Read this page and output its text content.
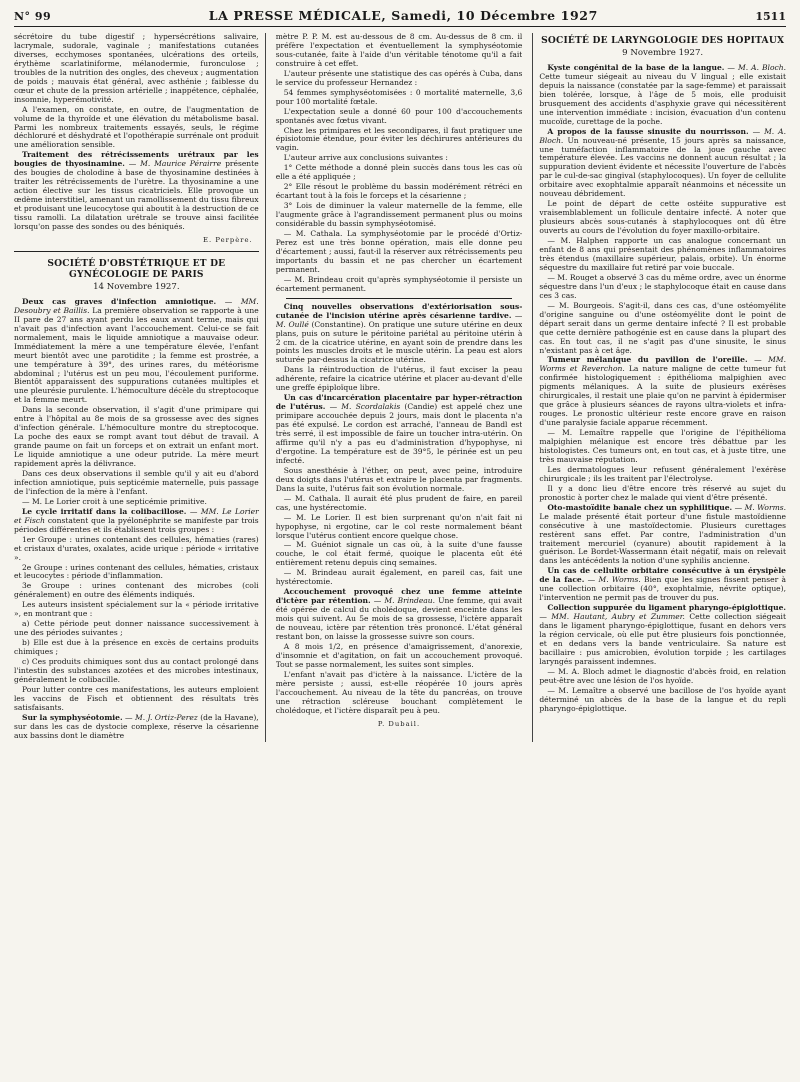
N° 99	LA PRESSE MÉDICALE, Samedi, 10 Décembre 1927	1511

sécrétoire du tube digestif ; hypersécrétions salivaire, lacrymale, sudorale, vaginale ; manifestations cutanées diverses, ecchymoses spontanées, ulcérations des orteils, érythème scarlatiniforme, mélanodermie, furonculose ; troubles de la nutrition des ongles, des cheveux ; augmentation de poids ; mauvais état général, avec asthénie ; faiblesse du cœur et chute de la pression artérielle ; inappétence, céphalée, insomnie, hyperémotivité.

A l'examen, on constate, en outre, de l'augmentation de volume de la thyroïde et une élévation du métabolisme basal. Parmi les nombreux traitements essayés, seuls, le régime déchloruré et déshydraté et l'opothérapie surrénale ont produit une amélioration sensible.

Traitement des rétrécissements urétraux par les bougies de thyosinamine. — M. Maurice Pérairre présente des bougies de cholodine à base de thyosinamine destinées à traiter les rétrécissements de l'urètre. La thyosinamine a une action élective sur les tissus cicatriciels. Elle provoque un œdème interstitiel, amenant un ramollissement du tissu fibreux et produisant une leucocytose qui aboutit à la destruction de ce tissu ramolli. La dilatation urétrale se trouve ainsi facilitée lorsqu'on passe des sondes ou des béniqués.

E. Perpère.

SOCIÉTÉ D'OBSTÉTRIQUE ET DE GYNÉCOLOGIE DE PARIS
14 Novembre 1927.

Deux cas graves d'infection amniotique. — MM. Desoubry et Baillis. La première observation se rapporte à une II pare de 27 ans ayant perdu les eaux avant terme, mais qui n'avait pas d'infection avant l'accouchement. Celui-ce se fait normalement, mais le liquide amniotique a mauvaise odeur. Immédiatement la mère a une température élevée, l'enfant meurt bientôt avec une parotidite ; la femme est prostrée, a une température à 39°, des urines rares, du météorisme abdominal ; l'utérus est un peu mou, l'écoulement puriforme. Bientôt apparaissent des suppurations cutanées multiples et une pleurésie purulente. L'hémoculture décèle du streptocoque et la femme meurt.

Dans la seconde observation, il s'agit d'une primipare qui entre à l'hôpital au 8e mois de sa grossesse avec des signes d'infection générale. L'hémoculture montre du streptocoque. La poche des eaux se rompt avant tout début de travail. A grande paume on fait un forceps et on extrait un enfant mort. Le liquide amniotique a une odeur putride. La mère meurt rapidement après la délivrance.

Dans ces deux observations il semble qu'il y ait eu d'abord infection amniotique, puis septicémie maternelle, puis passage de l'infection de la mère à l'enfant.

— M. Le Lorier croit à une septicémie primitive.

Le cycle irritatif dans la colibacillose. — MM. Le Lorier et Fisch constatent que la pyélonéphrite se manifeste par trois périodes différentes et ils établissent trois groupes :

1er Groupe : urines contenant des cellules, hématies (rares) et cristaux d'urates, oxalates, acide urique : période « irritative ».

2e Groupe : urines contenant des cellules, hématies, cristaux et leucocytes : période d'inflammation.

3e Groupe : urines contenant des microbes (coli généralement) en outre des éléments indiqués.

Les auteurs insistent spécialement sur la « période irritative », en montrant que :

a) Cette période peut donner naissance successivement à une des périodes suivantes ;

b) Elle est due à la présence en excès de certains produits chimiques ;

c) Ces produits chimiques sont dus au contact prolongé dans l'intestin des substances azotées et des microbes intestinaux, généralement le colibacille.

Pour lutter contre ces manifestations, les auteurs emploient les vaccins de Fisch et obtiennent des résultats très satisfaisants.

Sur la symphyséotomie. — M. J. Ortiz-Perez (de la Havane), sur dans les cas de dystocie complexe, réserve la césarienne aux bassins dont le diamètre

mètre P. P. M. est au-dessous de 8 cm. Au-dessus de 8 cm. il préfère l'expectation et éventuellement la symphyséotomie sous-cutanée, faite à l'aide d'un véritable ténotome qu'il a fait construire à cet effet.

L'auteur présente une statistique des cas opérés à Cuba, dans le service du professeur Hernandez :

54 femmes symphyséotomisées : 0 mortalité maternelle, 3,6 pour 100 mortalité fœtale.

L'expectation seule a donné 60 pour 100 d'accouchements spontanés avec fœtus vivant.

Chez les primipares et les secondipares, il faut pratiquer une épisiotomie étendue, pour éviter les déchirures antérieures du vagin.

L'auteur arrive aux conclusions suivantes :

1° Cette méthode a donné plein succès dans tous les cas où elle a été appliquée ;

2° Elle résout le problème du bassin modérément rétréci en écartant tout à la fois le forceps et la césarienne ;

3° Lois de diminuer la valeur maternelle de la femme, elle l'augmente grâce à l'agrandissement permanent plus ou moins considérable du bassin symphyséotomisé.

— M. Cathala. La symphyséotomie par le procédé d'Ortiz-Perez est une très bonne opération, mais elle donne peu d'écartement ; aussi, faut-il la réserver aux rétrécissements peu importants du bassin et ne pas chercher un écartement permanent.

— M. Brindeau croit qu'après symphyséotomie il persiste un écartement permanent.

Cinq nouvelles observations d'extériorisation sous-cutanée de l'incision utérine après césarienne tardive. — M. Oullé (Constantine). On pratique une suture utérine en deux plans, puis on suture le péritoine pariétal au péritoine utérin à 2 cm. de la cicatrice utérine, en ayant soin de prendre dans les points les muscles droits et le muscle utérin. La peau est alors suturée par-dessus la cicatrice utérine.

Dans la réintroduction de l'utérus, il faut exciser la peau adhérente, refaire la cicatrice utérine et placer au-devant d'elle une greffe épiploïque libre.

Un cas d'incarcération placentaire par hyper-rétraction de l'utérus. — M. Scordalakis (Candie) est appelé chez une primipare accouchée depuis 2 jours, mais dont le placenta n'a pas été expulsé. Le cordon est arraché, l'anneau de Bandl est très serré, il est impossible de faire un toucher intra-utérin. On affirme qu'il n'y a pas eu d'administration d'hypophyse, ni d'ergotine. La température est de 39°5, le périnée est un peu infecté.

Sous anesthésie à l'éther, on peut, avec peine, introduire deux doigts dans l'utérus et extraire le placenta par fragments. Dans la suite, l'utérus fait son évolution normale.

— M. Cathala. Il aurait été plus prudent de faire, en pareil cas, une hystérectomie.

— M. Le Lorier. Il est bien surprenant qu'on n'ait fait ni hypophyse, ni ergotine, car le col reste normalement béant lorsque l'utérus contient encore quelque chose.

— M. Guéniot signale un cas où, à la suite d'une fausse couche, le col était fermé, quoique le placenta eût été entièrement retenu depuis cinq semaines.

— M. Brindeau aurait également, en pareil cas, fait une hystérectomie.

Accouchement provoqué chez une femme atteinte d'ictère par rétention. — M. Brindeau. Une femme, qui avait été opérée de calcul du cholédoque, devient enceinte dans les mois qui suivent. Au 5e mois de sa grossesse, l'ictère apparaît de nouveau, ictère par rétention très prononcé. L'état général restant bon, on laisse la grossesse suivre son cours.

A 8 mois 1/2, en présence d'amaigrissement, d'anorexie, d'insomnie et d'agitation, on fait un accouchement provoqué. Tout se passe normalement, les suites sont simples.

L'enfant n'avait pas d'ictère à la naissance. L'ictère de la mère persiste ; aussi, est-elle réopérée 10 jours après l'accouchement. Au niveau de la tête du pancréas, on trouve une rétraction scléreuse bouchant complètement le cholédoque, et l'ictère disparaît peu à peu.

P. Dubail.

SOCIÉTÉ DE LARYNGOLOGIE DES HOPITAUX
9 Novembre 1927.

Kyste congénital de la base de la langue. — M. A. Bloch. Cette tumeur siégeait au niveau du V lingual ; elle existait depuis la naissance (constatée par la sage-femme) et paraissait bien tolérée, lorsque, à l'âge de 5 mois, elle produisit brusquement des accidents d'asphyxie grave qui nécessitèrent une intervention immédiate : incision, évacuation d'un contenu mucoïde, curettage de la poche.

A propos de la fausse sinusite du nourrisson. — M. A. Bloch. Un nouveau-né présente, 15 jours après sa naissance, une tuméfaction inflammatoire de la joue gauche avec température élevée. Les vaccins ne donnent aucun résultat ; la suppuration devient évidente et nécessite l'ouverture de l'abcès par le cul-de-sac gingival (staphylocoques). Un foyer de cellulite orbitaire avec exophtalmie apparaît néanmoins et nécessite un nouveau débridement.

Le point de départ de cette ostéite suppurative est vraisemblablement un follicule dentaire infecté. A noter que plusieurs abcès sous-cutanés à staphylocoques ont dû être ouverts au cours de l'évolution du foyer maxillo-orbitaire.

— M. Halphen rapporte un cas analogue concernant un enfant de 8 ans qui présentait des phénomènes inflammatoires très étendus (maxillaire supérieur, palais, orbite). Un énorme séquestre du maxillaire fut retiré par voie buccale.

— M. Rouget a observé 3 cas du même ordre, avec un énorme séquestre dans l'un d'eux ; le staphylocoque était en cause dans ces 3 cas.

— M. Bourgeois. S'agit-il, dans ces cas, d'une ostéomyélite d'origine sanguine ou d'une ostéomyélite dont le point de départ serait dans un germe dentaire infecté ? Il est probable que cette dernière pathogénie est en cause dans la plupart des cas. En tout cas, il ne s'agit pas d'une sinusite, le sinus n'existant pas à cet âge.

Tumeur mélanique du pavillon de l'oreille. — MM. Worms et Reverchon. La nature maligne de cette tumeur fut confirmée histologiquement : épithélioma malpighien avec pigments mélaniques. A la suite de plusieurs exérèses chirurgicales, il restait une plaie qu'on ne parvint à épidermiser que grâce à plusieurs séances de rayons ultra-violets et infra-rouges. Le pronostic ultérieur reste encore grave en raison d'une paralysie faciale apparue récemment.

— M. Lemaître rappelle que l'origine de l'épithélioma malpighien mélanique est encore très débattue par les histologistes. Ces tumeurs ont, en tout cas, et à juste titre, une très mauvaise réputation.

Les dermatologues leur refusent généralement l'exérèse chirurgicale ; ils les traitent par l'électrolyse.

Il y a donc lieu d'être encore très réservé au sujet du pronostic à porter chez le malade qui vient d'être présenté.

Oto-mastoïdite banale chez un syphilitique. — M. Worms. Le malade présenté était porteur d'une fistule mastoïdienne consécutive à une mastoïdectomie. Plusieurs curettages restèrent sans effet. Par contre, l'administration d'un traitement mercuriel (cyanure) aboutit rapidement à la guérison. Le Bordet-Wassermann était négatif, mais on relevait dans les antécédents la notion d'une syphilis ancienne.

Un cas de cellulite orbitaire consécutive à un érysipèle de la face. — M. Worms. Bien que les signes fissent penser à une collection orbitaire (40°, exophtalmie, névrite optique), l'intervention ne permit pas de trouver du pus.

Collection suppurée du ligament pharyngo-épiglottique. — MM. Hautant, Aubry et Zummer. Cette collection siégeait dans le ligament pharyngo-épiglottique, fusant en dehors vers la région cervicale, où elle put être plusieurs fois ponctionnée, et en dedans vers la bande ventriculaire. Sa nature est bacillaire : pus amicrobien, évolution torpide ; les cartilages laryngés paraissent indemnes.

— M. A. Bloch admet le diagnostic d'abcès froid, en relation peut-être avec une lésion de l'os hyoïde.

— M. Lemaître a observé une bacillose de l'os hyoïde ayant déterminé un abcès de la base de la langue et du repli pharyngo-épiglottique.
